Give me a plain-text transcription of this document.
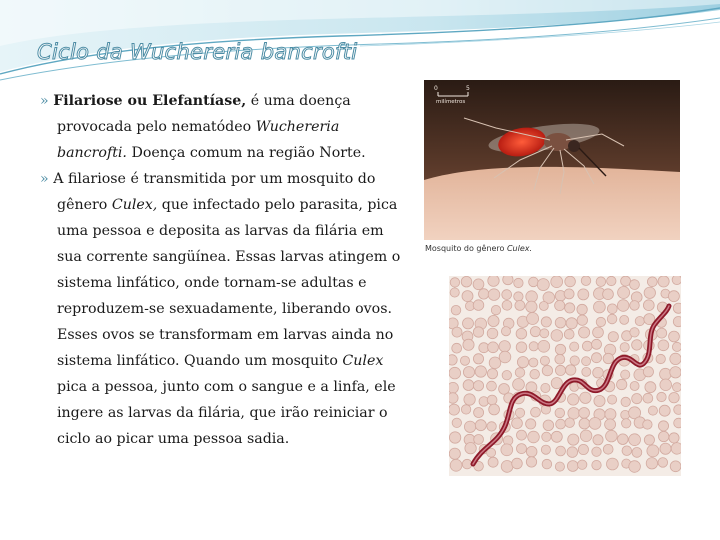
Ciclo da Wuchereria bancrofti

» Filariose ou Elefantíase, é uma doença provocada pelo nematódeo Wuchereria bancrofti. Doença comum na região Norte.

» A filariose é transmitida por um mosquito do gênero Culex, que infectado pelo parasita, pica uma pessoa e deposita as larvas da filária em sua corrente sangüínea. Essas larvas atingem o sistema linfático, onde tornam-se adultas e reproduzem-se sexuadamente, liberando ovos. Esses ovos se transformam em larvas ainda no sistema linfático. Quando um mosquito Culex pica a pessoa, junto com o sangue e a linfa, ele ingere as larvas da filária, que irão reiniciar o ciclo ao picar uma pessoa sadia.

0	5
milímetros
Mosquito do gênero Culex.
